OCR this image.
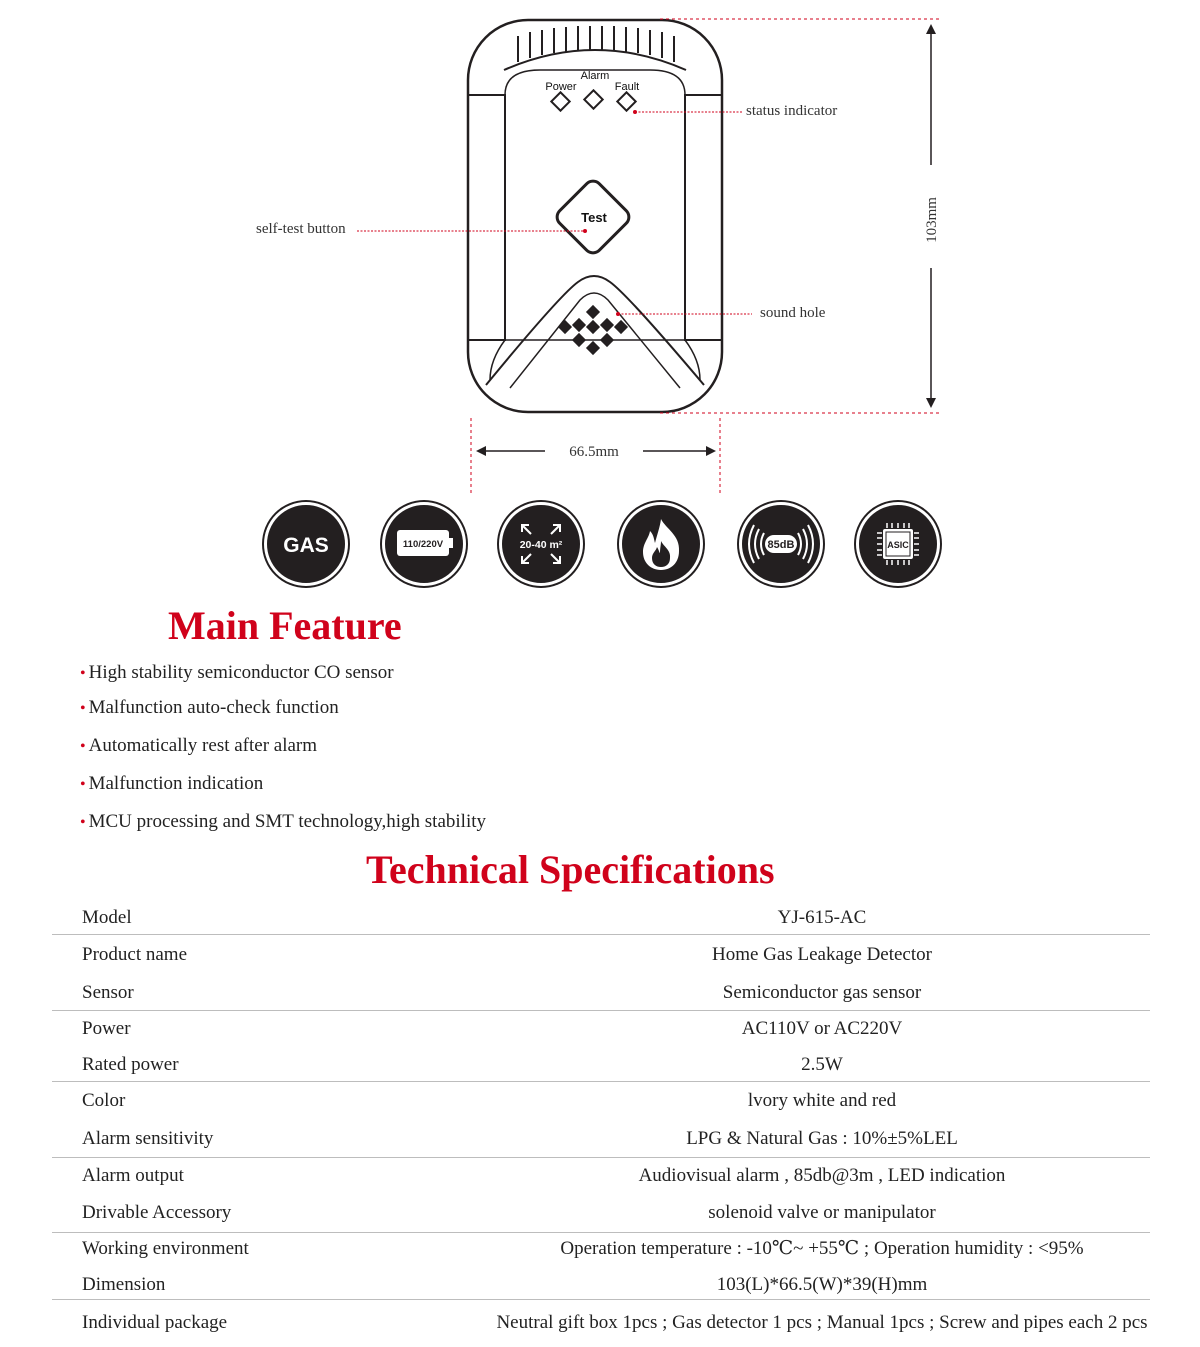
Power
Alarm
Fault
status indicator
Test
self-test button
sound hole
103mm
66.5mm
GAS	110/220V	20-40 m²	85dB	ASIC
Main Feature
• High stability semiconductor CO sensor
• Malfunction auto-check function
• Automatically rest after alarm
• Malfunction indication
• MCU processing and SMT technology,high stability
Technical Specifications
Model	YJ-615-AC
Product name	Home Gas Leakage Detector
Sensor	Semiconductor gas sensor
Power	AC110V or AC220V
Rated power	2.5W
Color	lvory white and red
Alarm sensitivity	LPG & Natural Gas : 10%±5%LEL
Alarm output	Audiovisual alarm , 85db@3m , LED indication
Drivable Accessory	solenoid valve or manipulator
Working environment	Operation temperature : -10℃~ +55℃ ; Operation humidity : <95%
Dimension	103(L)*66.5(W)*39(H)mm
Individual package	Neutral gift box 1pcs ; Gas detector 1 pcs ; Manual 1pcs ; Screw and pipes each 2 pcs
